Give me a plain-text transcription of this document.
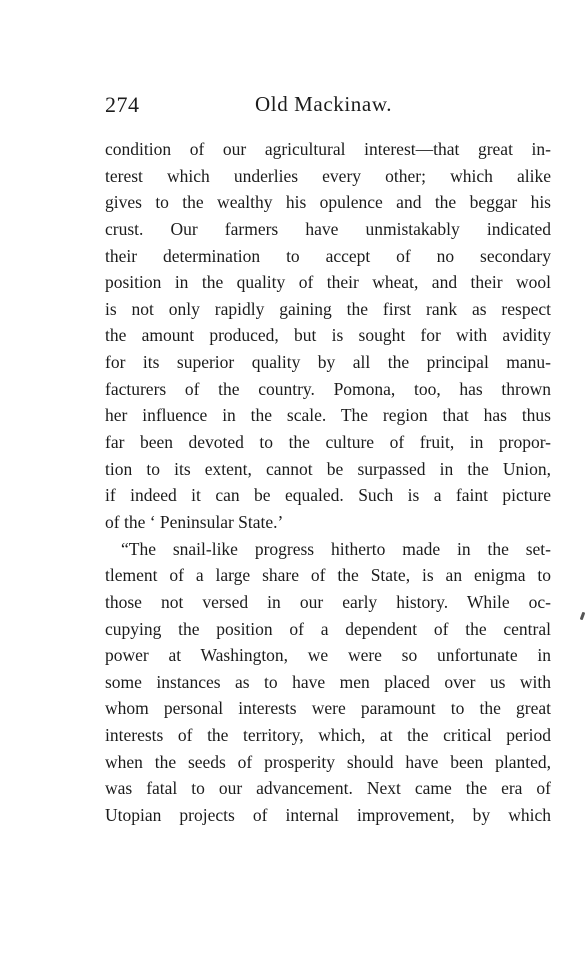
274	Old Mackinaw.
condition of our agricultural interest—that great in-
terest which underlies every other; which alike
gives to the wealthy his opulence and the beggar his
crust. Our farmers have unmistakably indicated
their determination to accept of no secondary
position in the quality of their wheat, and their wool
is not only rapidly gaining the first rank as respect
the amount produced, but is sought for with avidity
for its superior quality by all the principal manu-
facturers of the country. Pomona, too, has thrown
her influence in the scale. The region that has thus
far been devoted to the culture of fruit, in propor-
tion to its extent, cannot be surpassed in the Union,
if indeed it can be equaled. Such is a faint picture
of the ‘ Peninsular State.’
“The snail-like progress hitherto made in the set-
tlement of a large share of the State, is an enigma to
those not versed in our early history. While oc-
cupying the position of a dependent of the central
power at Washington, we were so unfortunate in
some instances as to have men placed over us with
whom personal interests were paramount to the great
interests of the territory, which, at the critical period
when the seeds of prosperity should have been planted,
was fatal to our advancement. Next came the era of
Utopian projects of internal improvement, by which
